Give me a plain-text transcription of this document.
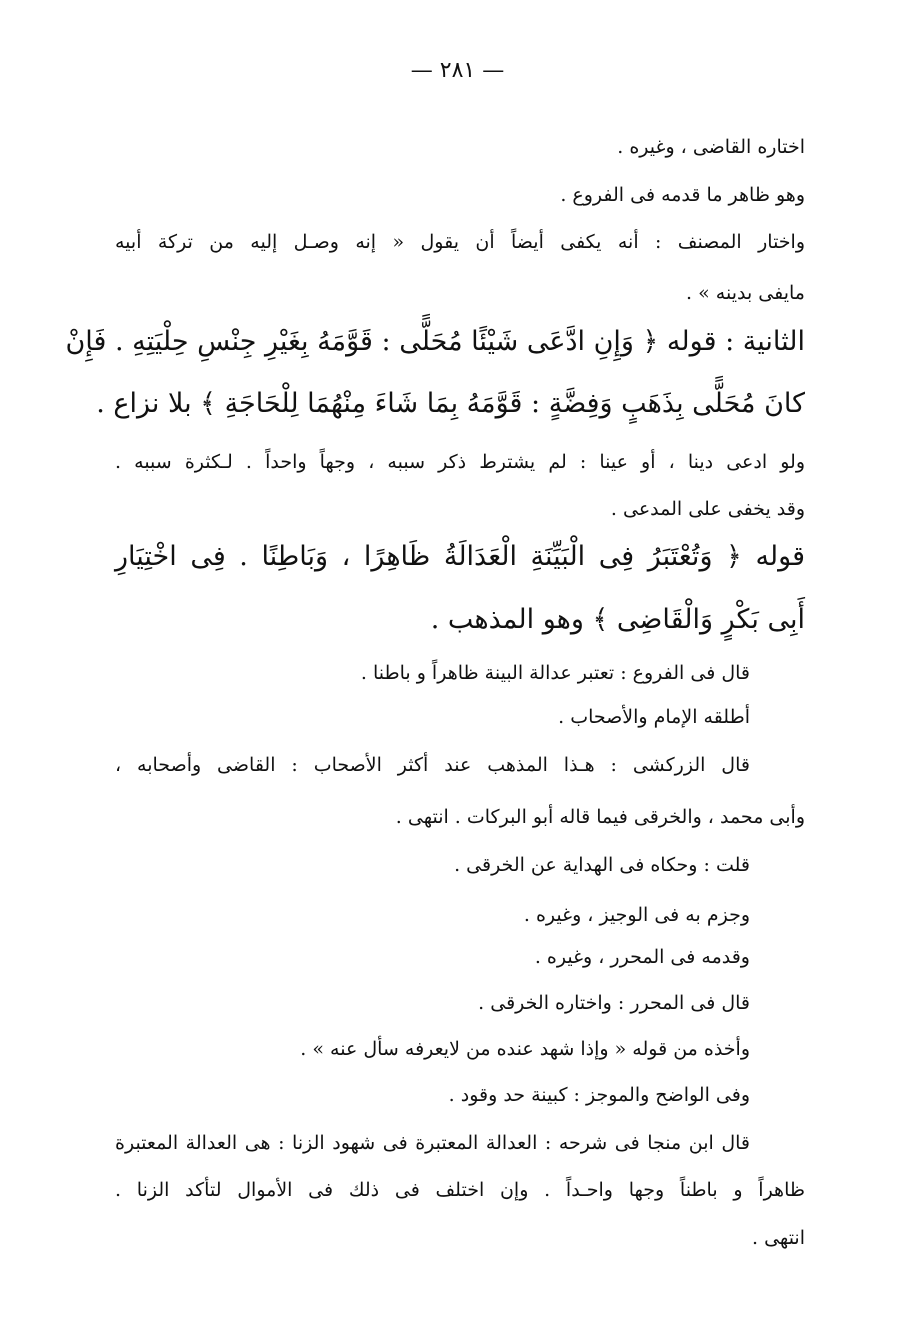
— ٢٨١ —
اختاره القاضى ، وغيره .
وهو ظاهر ما قدمه فى الفروع .
واختار المصنف : أنه يكفى أيضاً أن يقول « إنه وصـل إليه من تركة أبيه
مايفى بدينه » .
الثانية : قوله ﴿ وَإِنِ ادَّعَى شَيْئًا مُحَلًّى : قَوَّمَهُ بِغَيْرِ جِنْسِ حِلْيَتِهِ . فَإِنْ
كانَ مُحَلًّى بِذَهَبٍ وَفِضَّةٍ : قَوَّمَهُ بِمَا شَاءَ مِنْهُمَا لِلْحَاجَةِ ﴾ بلا نزاع .
ولو ادعى دينا ، أو عينا : لم يشترط ذكر سببه ، وجهاً واحداً . لـكثرة سببه .
وقد يخفى على المدعى .
قوله ﴿ وَتُعْتَبَرُ فِى الْبَيِّنَةِ الْعَدَالَةُ ظَاهِرًا ، وَبَاطِنًا . فِى اخْتِيَارِ
أَبِى بَكْرٍ وَالْقَاضِى ﴾ وهو المذهب .
قال فى الفروع : تعتبر عدالة البينة ظاهراً و باطنا .
أطلقه الإمام والأصحاب .
قال الزركشى : هـذا المذهب عند أكثر الأصحاب : القاضى وأصحابه ،
وأبى محمد ، والخرقى فيما قاله أبو البركات . انتهى .
قلت : وحكاه فى الهداية عن الخرقى .
وجزم به فى الوجيز ، وغيره .
وقدمه فى المحرر ، وغيره .
قال فى المحرر : واختاره الخرقى .
وأخذه من قوله « وإذا شهد عنده من لايعرفه سأل عنه » .
وفى الواضح والموجز : كبينة حد وقود .
قال ابن منجا فى شرحه : العدالة المعتبرة فى شهود الزنا : هى العدالة المعتبرة
ظاهراً و باطناً وجها واحـداً . وإن اختلف فى ذلك فى الأموال لتأكد الزنا .
انتهى .
